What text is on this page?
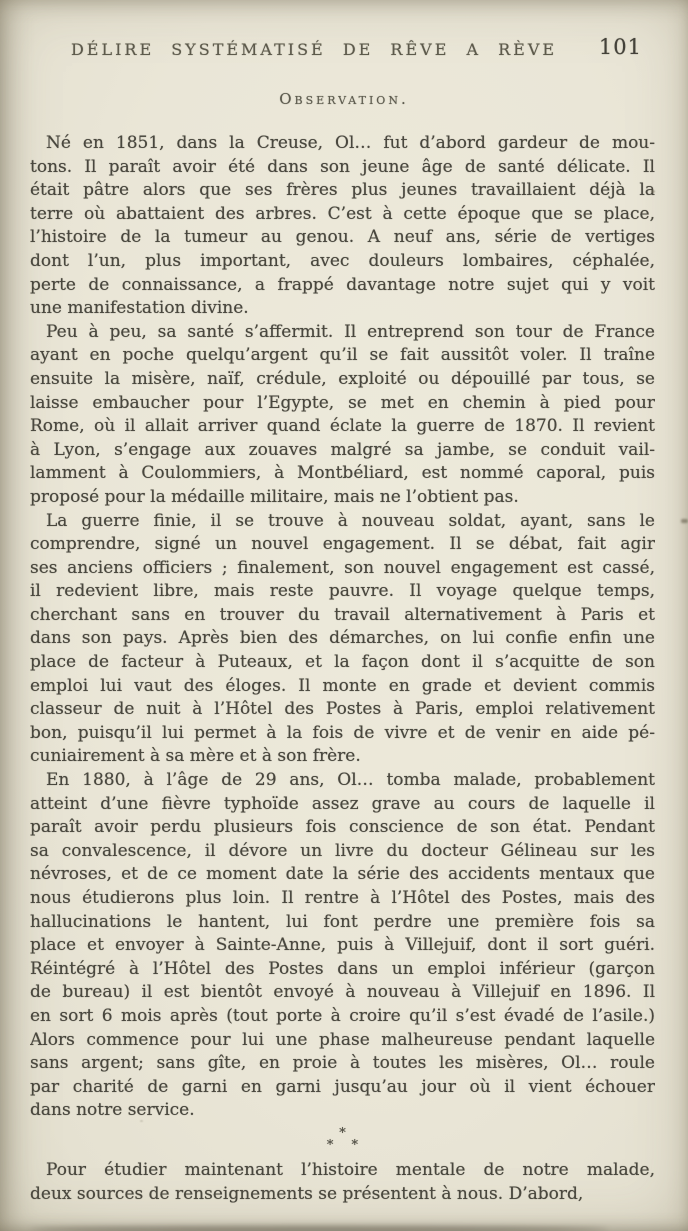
DÉLIRE SYSTÉMATISÉ DE RÊVE A RÈVE	101
Observation.
Né en 1851, dans la Creuse, Ol… fut d’abord gardeur de mou-
tons. Il paraît avoir été dans son jeune âge de santé délicate. Il
était pâtre alors que ses frères plus jeunes travaillaient déjà la
terre où abattaient des arbres. C’est à cette époque que se place,
l’histoire de la tumeur au genou. A neuf ans, série de vertiges
dont l’un, plus important, avec douleurs lombaires, céphalée,
perte de connaissance, a frappé davantage notre sujet qui y voit
une manifestation divine.
Peu à peu, sa santé s’affermit. Il entreprend son tour de France
ayant en poche quelqu’argent qu’il se fait aussitôt voler. Il traîne
ensuite la misère, naïf, crédule, exploité ou dépouillé par tous, se
laisse embaucher pour l’Egypte, se met en chemin à pied pour
Rome, où il allait arriver quand éclate la guerre de 1870. Il revient
à Lyon, s’engage aux zouaves malgré sa jambe, se conduit vail-
lamment à Coulommiers, à Montbéliard, est nommé caporal, puis
proposé pour la médaille militaire, mais ne l’obtient pas.
La guerre finie, il se trouve à nouveau soldat, ayant, sans le
comprendre, signé un nouvel engagement. Il se débat, fait agir
ses anciens officiers ; finalement, son nouvel engagement est cassé,
il redevient libre, mais reste pauvre. Il voyage quelque temps,
cherchant sans en trouver du travail alternativement à Paris et
dans son pays. Après bien des démarches, on lui confie enfin une
place de facteur à Puteaux, et la façon dont il s’acquitte de son
emploi lui vaut des éloges. Il monte en grade et devient commis
classeur de nuit à l’Hôtel des Postes à Paris, emploi relativement
bon, puisqu’il lui permet à la fois de vivre et de venir en aide pé-
cuniairement à sa mère et à son frère.
En 1880, à l’âge de 29 ans, Ol… tomba malade, probablement
atteint d’une fièvre typhoïde assez grave au cours de laquelle il
paraît avoir perdu plusieurs fois conscience de son état. Pendant
sa convalescence, il dévore un livre du docteur Gélineau sur les
névroses, et de ce moment date la série des accidents mentaux que
nous étudierons plus loin. Il rentre à l’Hôtel des Postes, mais des
hallucinations le hantent, lui font perdre une première fois sa
place et envoyer à Sainte-Anne, puis à Villejuif, dont il sort guéri.
Réintégré à l’Hôtel des Postes dans un emploi inférieur (garçon
de bureau) il est bientôt envoyé à nouveau à Villejuif en 1896. Il
en sort 6 mois après (tout porte à croire qu’il s’est évadé de l’asile.)
Alors commence pour lui une phase malheureuse pendant laquelle
sans argent; sans gîte, en proie à toutes les misères, Ol… roule
par charité de garni en garni jusqu’au jour où il vient échouer
dans notre service.
*
* *
Pour étudier maintenant l’histoire mentale de notre malade,
deux sources de renseignements se présentent à nous. D’abord,
